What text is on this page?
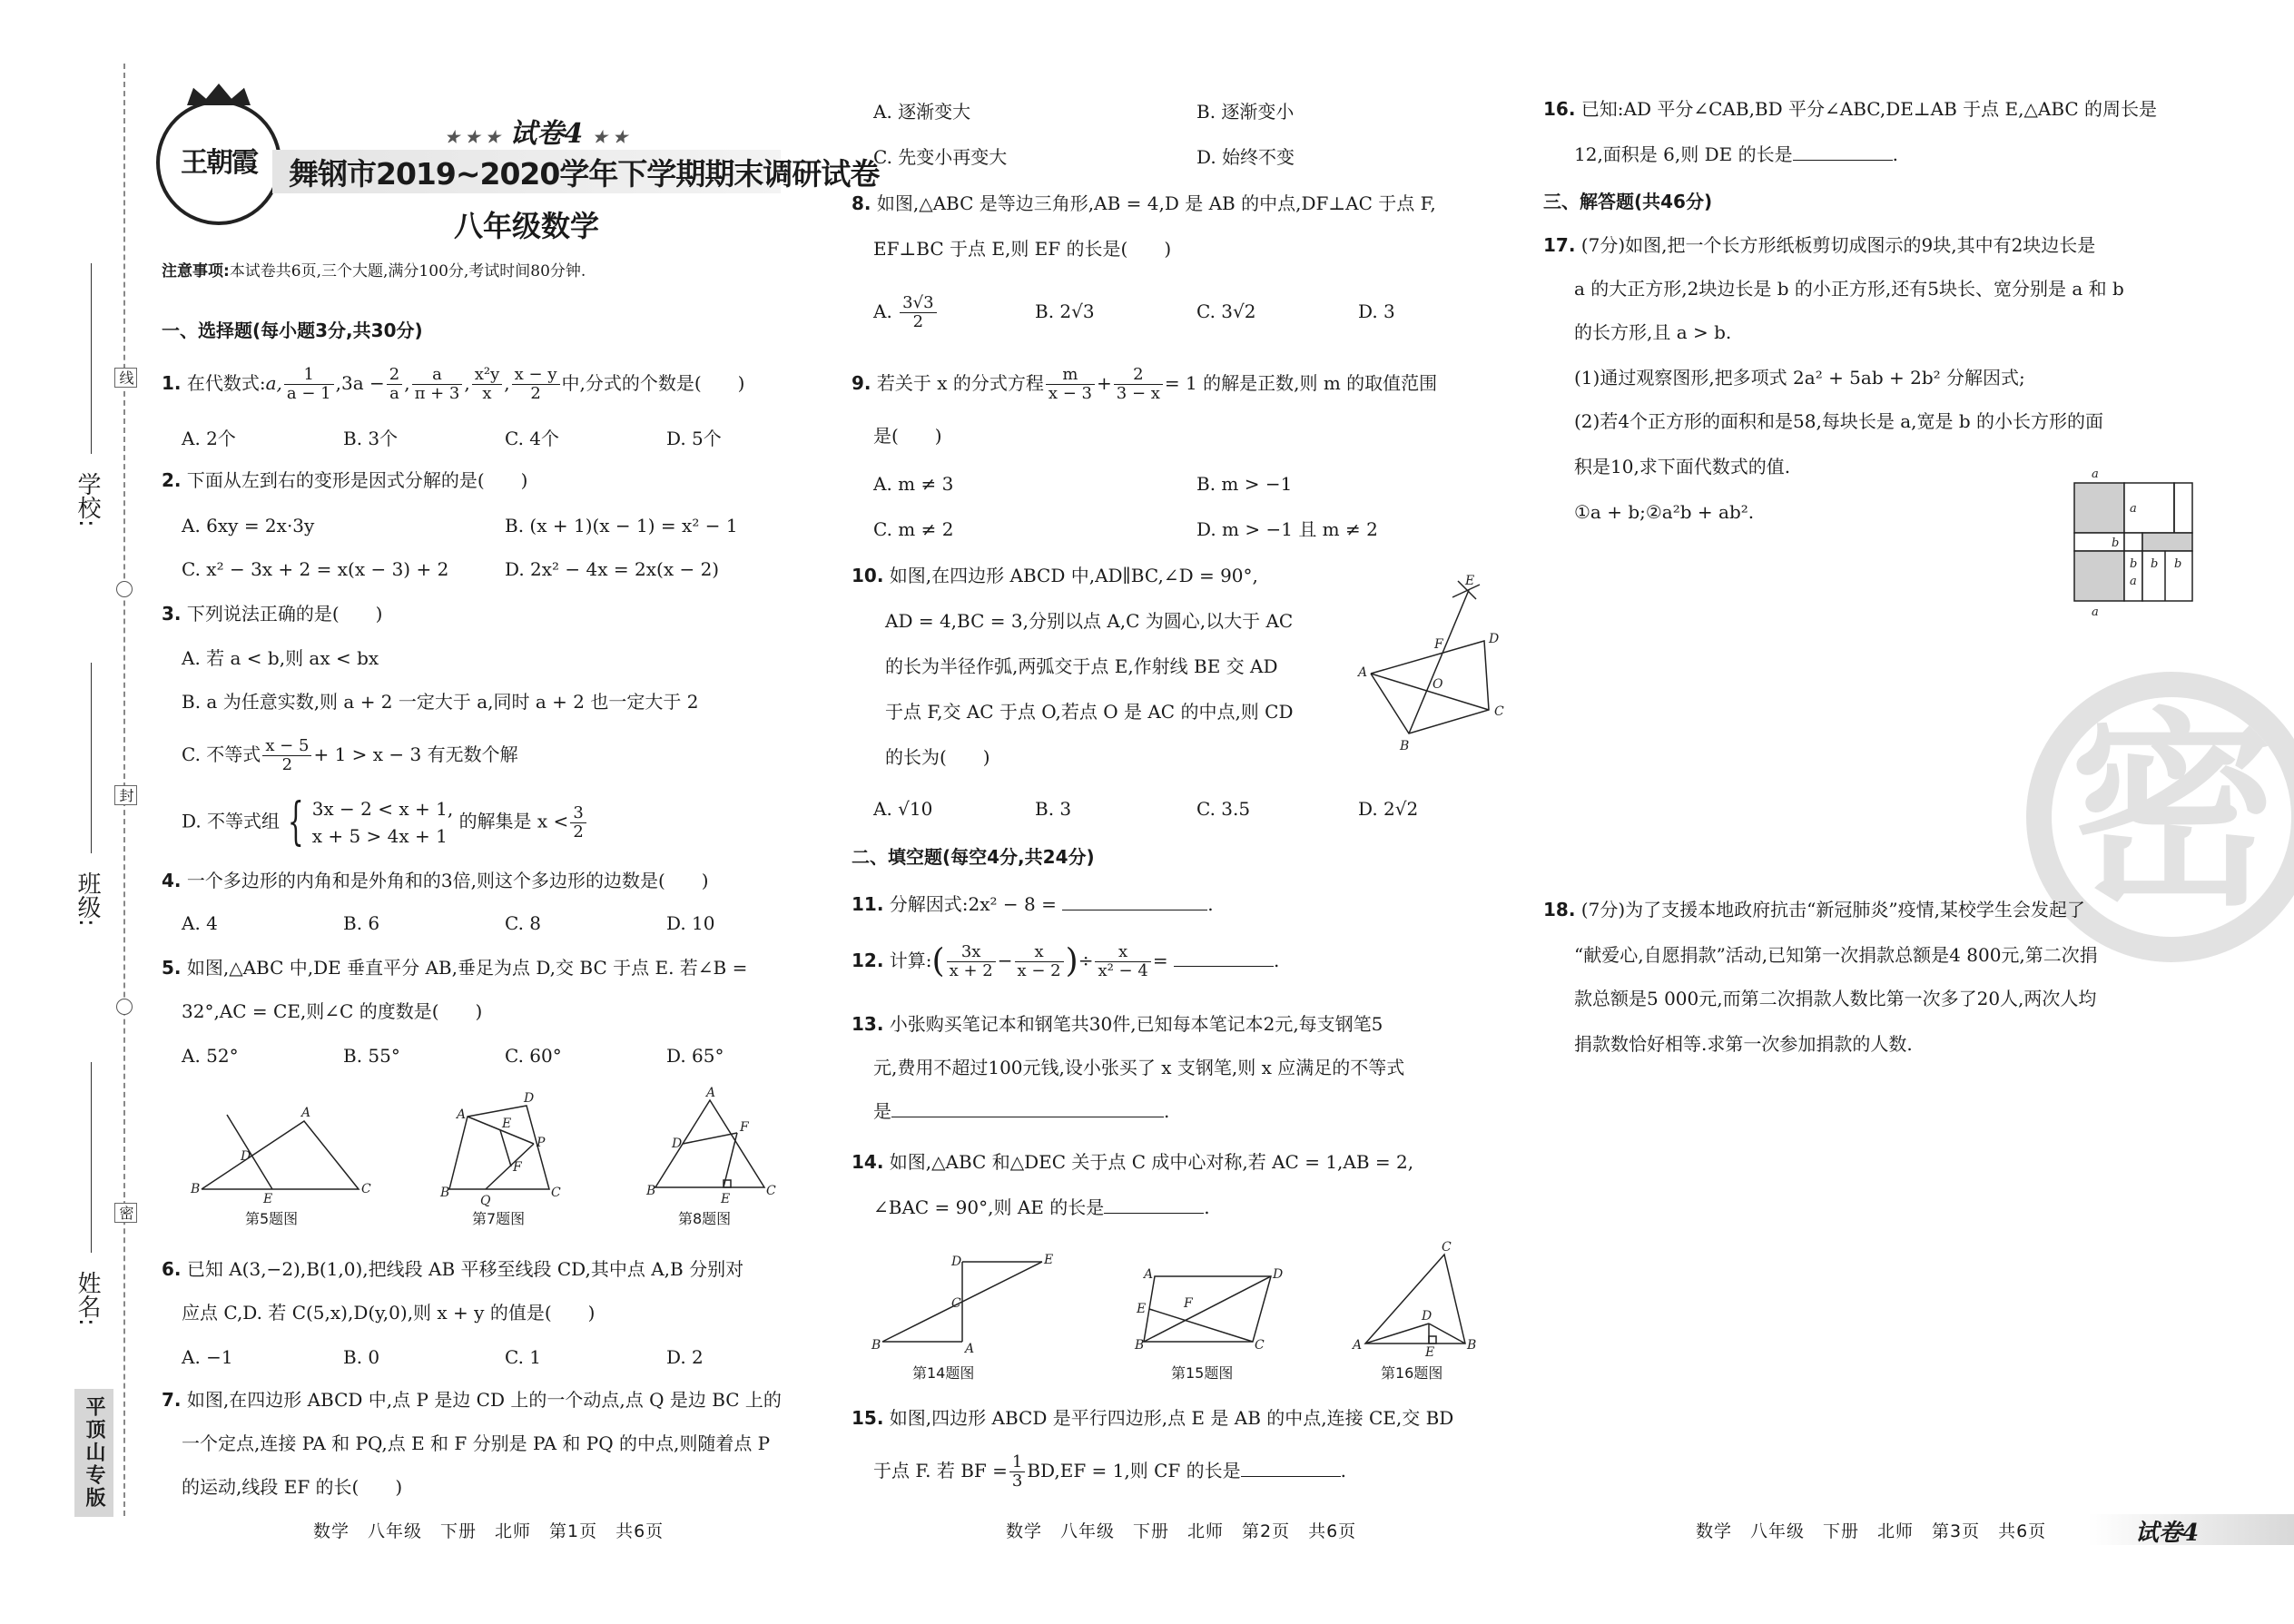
学校:
班级:
姓名:
线
封
密
平顶山专版
王朝霞
★ ★ ★ 试卷4 ★ ★
舞钢市2019~2020学年下学期期末调研试卷
八年级数学
注意事项:本试卷共6页,三个大题,满分100分,考试时间80分钟.
一、选择题(每小题3分,共30分)
1. 在代数式:a, $\frac{1}{a - 1} ,3a - \frac{2}{a}$ , $\frac{a}{\pi + 3}$ , $\frac{\text{x²y}}{x}$ , $\frac{x - y}{2}$ 中,分式的个数是(　　)
A. 2个	B. 3个	C. 4个	D. 5个
2. 下面从左到右的变形是因式分解的是(　　)
A. 6xy = 2x·3y	B. (x + 1)(x − 1) = x² − 1
C. x² − 3x + 2 = x(x − 3) + 2	D. 2x² − 4x = 2x(x − 2)
3. 下列说法正确的是(　　)
A. 若 a < b,则 ax < bx
B. a 为任意实数,则 a + 2 一定大于 a,同时 a + 2 也一定大于 2
C. 不等式 $\frac{x - 5}{2} + 1 > x - 3$ 有无数个解
D. 不等式组 { 3x − 2 < x + 1,
x + 5 > 4x + 1
的解集是 $x < \frac{3}{2}$
4. 一个多边形的内角和是外角和的3倍,则这个多边形的边数是(　　)
A. 4	B. 6	C. 8	D. 10
5. 如图,△ABC 中,DE 垂直平分 AB,垂足为点 D,交 BC 于点 E. 若∠B =
32°,AC = CE,则∠C 的度数是(　　)
A. 52°	B. 55°	C. 60°	D. 65°
B
A
C
D
E
第5题图
A
D
C
B
P
Q
E
F
第7题图
A
B	C
D
F
E
第8题图
6. 已知 A(3,−2),B(1,0),把线段 AB 平移至线段 CD,其中点 A,B 分别对
应点 C,D. 若 C(5,x),D(y,0),则 x + y 的值是(　　)
A. −1	B. 0	C. 1	D. 2
7. 如图,在四边形 ABCD 中,点 P 是边 CD 上的一个动点,点 Q 是边 BC 上的
一个定点,连接 PA 和 PQ,点 E 和 F 分别是 PA 和 PQ 的中点,则随着点 P
的运动,线段 EF 的长(　　)
数学　八年级　下册　北师　第1页　共6页
A. 逐渐变大	B. 逐渐变小
C. 先变小再变大	D. 始终不变
8. 如图,△ABC 是等边三角形,AB = 4,D 是 AB 的中点,DF⊥AC 于点 F,
EF⊥BC 于点 E,则 EF 的长是(　　)
A. $\frac{3√3}{2}$	B. 2√3	C. 3√2	D. 3
9. 若关于 x 的分式方程 $\frac{m}{x - 3} + \frac{2}{3 - x} = 1$ 的解是正数,则 m 的取值范围
是(　　)
A. m ≠ 3	B. m > −1
C. m ≠ 2	D. m > −1 且 m ≠ 2
10. 如图,在四边形 ABCD 中,AD∥BC,∠D = 90°,
AD = 4,BC = 3,分别以点 A,C 为圆心,以大于 AC
的长为半径作弧,两弧交于点 E,作射线 BE 交 AD
于点 F,交 AC 于点 O,若点 O 是 AC 的中点,则 CD
的长为(　　)
E
A
D
C
B
F
O
A. √10	B. 3	C. 3.5	D. 2√2
二、填空题(每空4分,共24分)
11. 分解因式:2x² − 8 =	.
12. 计算:( $\frac{3x}{x + 2} - \frac{x}{x - 2}$ )÷ $\frac{x}{\text{x² − 4}}$ =	.
13. 小张购买笔记本和钢笔共30件,已知每本笔记本2元,每支钢笔5
元,费用不超过100元钱,设小张买了 x 支钢笔,则 x 应满足的不等式
是	.
14. 如图,△ABC 和△DEC 关于点 C 成中心对称,若 AC = 1,AB = 2,
∠BAC = 90°,则 AE 的长是	.
D	E
B	A
C
第14题图
A	D
B	C
E	F
第15题图
C
A	B
D
E
第16题图
15. 如图,四边形 ABCD 是平行四边形,点 E 是 AB 的中点,连接 CE,交 BD
于点 F. 若 BF = $\frac{1}{3} BD,EF = 1$,则 CF 的长是	.
数学　八年级　下册　北师　第2页　共6页
16. 已知:AD 平分∠CAB,BD 平分∠ABC,DE⊥AB 于点 E,△ABC 的周长是
12,面积是 6,则 DE 的长是	.
三、解答题(共46分)
17. (7分)如图,把一个长方形纸板剪切成图示的9块,其中有2块边长是
a 的大正方形,2块边长是 b 的小正方形,还有5块长、宽分别是 a 和 b
的长方形,且 a > b.
(1)通过观察图形,把多项式 2a² + 5ab + 2b² 分解因式;
(2)若4个正方形的面积和是58,每块长是 a,宽是 b 的小长方形的面
积是10,求下面代数式的值.
①a + b;②a²b + ab².
a
a
b
b
a
b b
a
密
18. (7分)为了支援本地政府抗击“新冠肺炎”疫情,某校学生会发起了
“献爱心,自愿捐款”活动,已知第一次捐款总额是4 800元,第二次捐
款总额是5 000元,而第二次捐款人数比第一次多了20人,两次人均
捐款数恰好相等.求第一次参加捐款的人数.
数学　八年级　下册　北师　第3页　共6页	试卷4
